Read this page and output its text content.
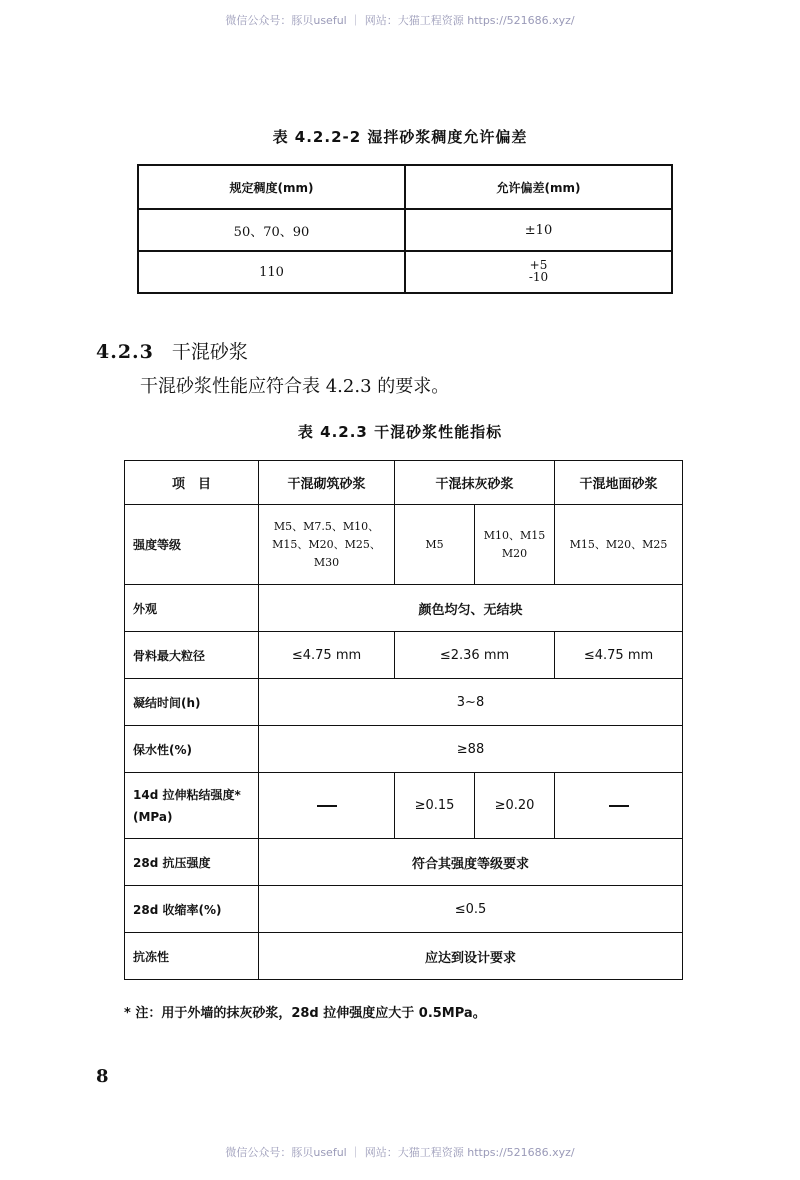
微信公众号：豚贝useful ｜ 网站：大猫工程资源 https://521686.xyz/
表 4.2.2-2 湿拌砂浆稠度允许偏差
规定稠度(mm)	允许偏差(mm)
50、70、90	±10
110	+5
-10
4.2.3 干混砂浆
干混砂浆性能应符合表 4.2.3 的要求。
表 4.2.3 干混砂浆性能指标
项　目	干混砌筑砂浆	干混抹灰砂浆		干混地面砂浆
强度等级	M5、M7.5、M10、M15、M20、M25、M30	M5	M10、M15 M20	M15、M20、M25
外观	颜色均匀、无结块			
骨料最大粒径	≤4.75 mm	≤2.36 mm		≤4.75 mm
凝结时间(h)	3~8			
保水性(%)	≥88			
14d 拉伸粘结强度* (MPa)		≥0.15	≥0.20	
28d 抗压强度	符合其强度等级要求			
28d 收缩率(%)	≤0.5			
抗冻性	应达到设计要求			
* 注：用于外墙的抹灰砂浆，28d 拉伸强度应大于 0.5MPa。
8
微信公众号：豚贝useful ｜ 网站：大猫工程资源 https://521686.xyz/
